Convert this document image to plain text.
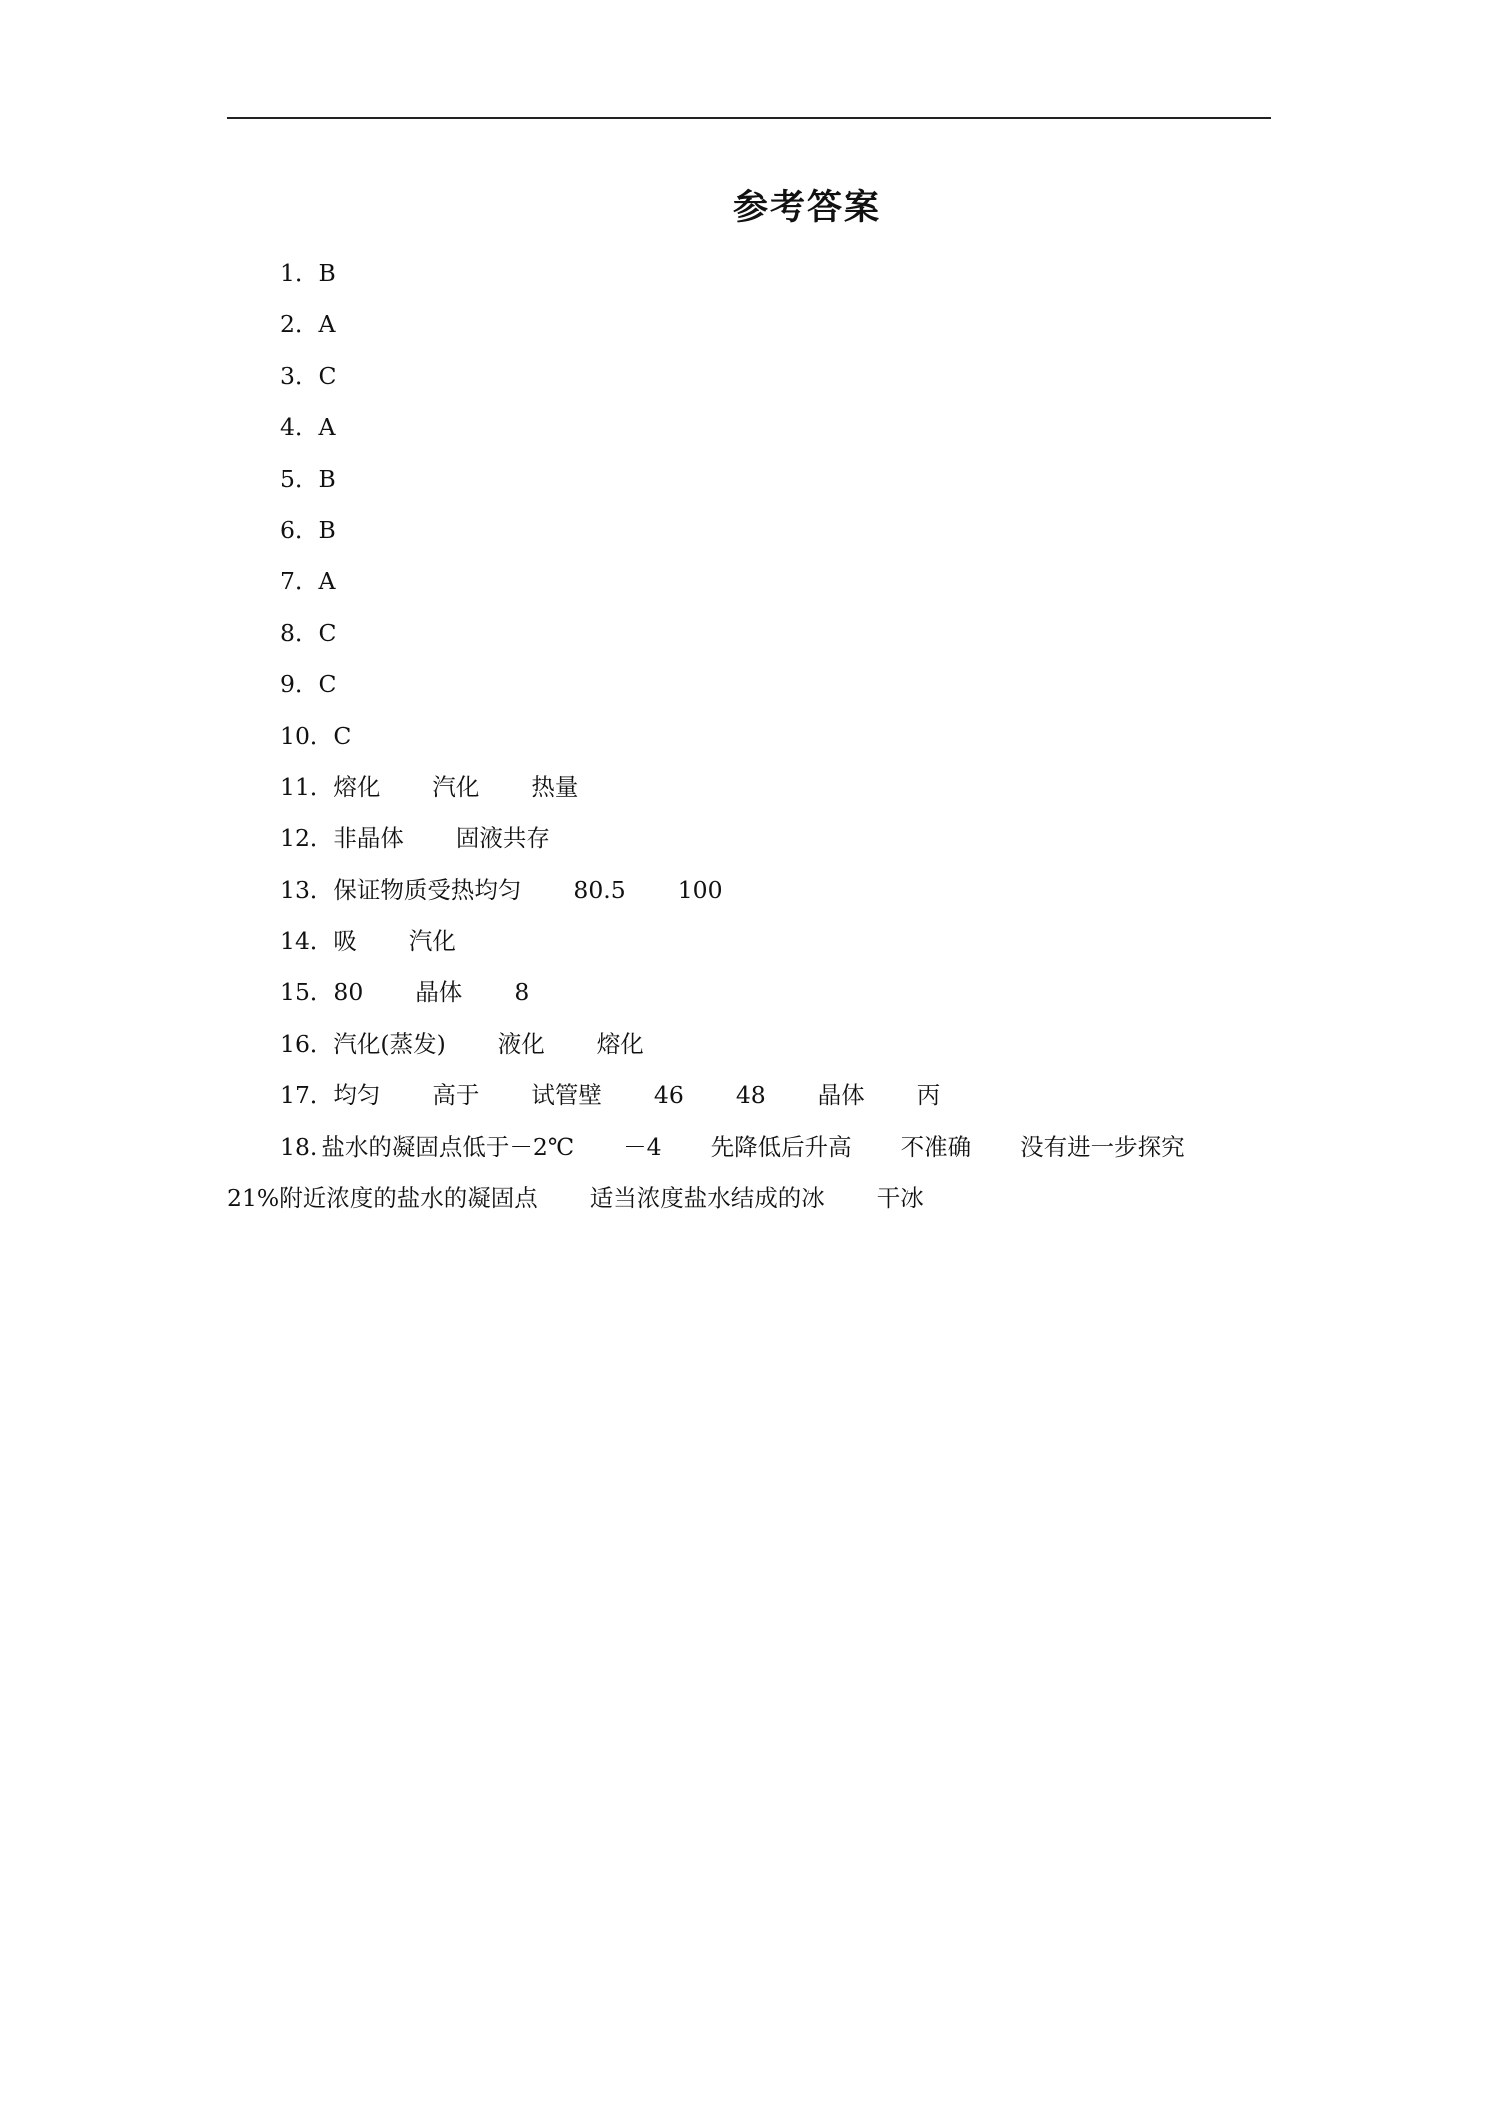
参考答案
1．B
2．A
3．C
4．A
5．B
6．B
7．A
8．C
9．C
10．C
11．熔化 汽化 热量
12．非晶体 固液共存
13．保证物质受热均匀 80.5 100
14．吸 汽化
15．80 晶体 8
16．汽化(蒸发) 液化 熔化
17．均匀 高于 试管壁 46 48 晶体 丙
18. 盐水的凝固点低于－2℃ －4 先降低后升高 不准确 没有进一步探究
21%附近浓度的盐水的凝固点 适当浓度盐水结成的冰 干冰
